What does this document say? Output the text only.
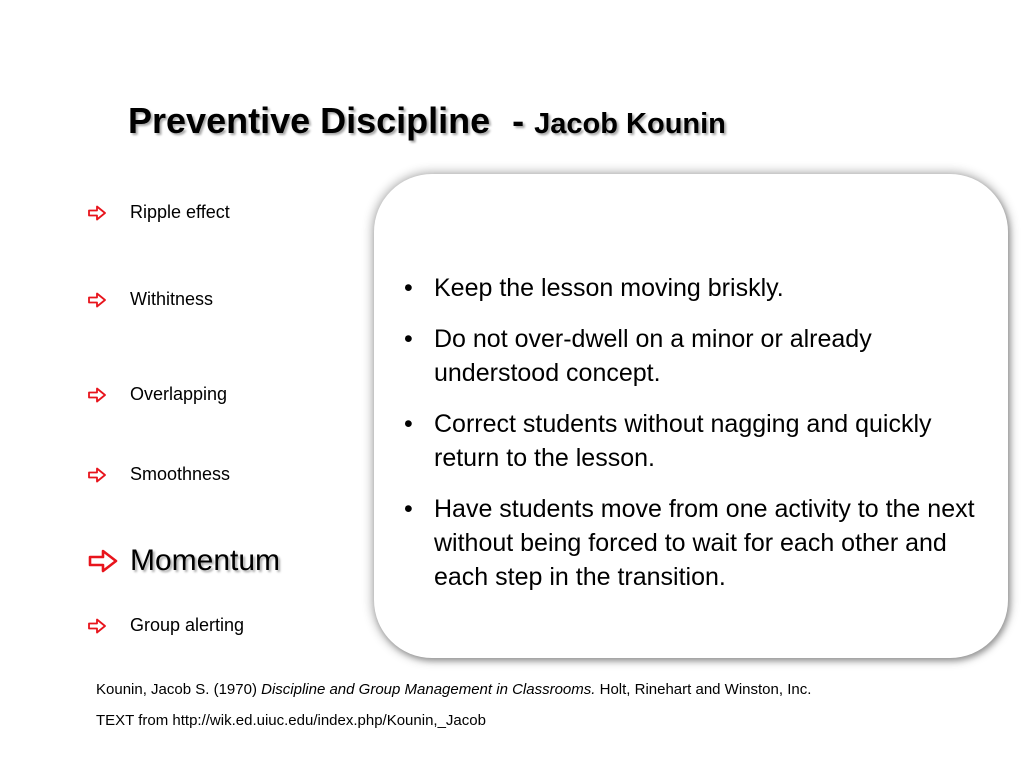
Preventive Discipline - Jacob Kounin
Ripple effect
Withitness
Overlapping
Smoothness
Momentum
Group alerting
• Keep the lesson moving briskly.
• Do not over-dwell on a minor or already understood concept.
• Correct students without nagging and quickly return to the lesson.
• Have students move from one activity to the next without being forced to wait for each other and each step in the transition.
Kounin, Jacob S. (1970) Discipline and Group Management in Classrooms. Holt, Rinehart and Winston, Inc.
TEXT from http://wik.ed.uiuc.edu/index.php/Kounin,_Jacob
